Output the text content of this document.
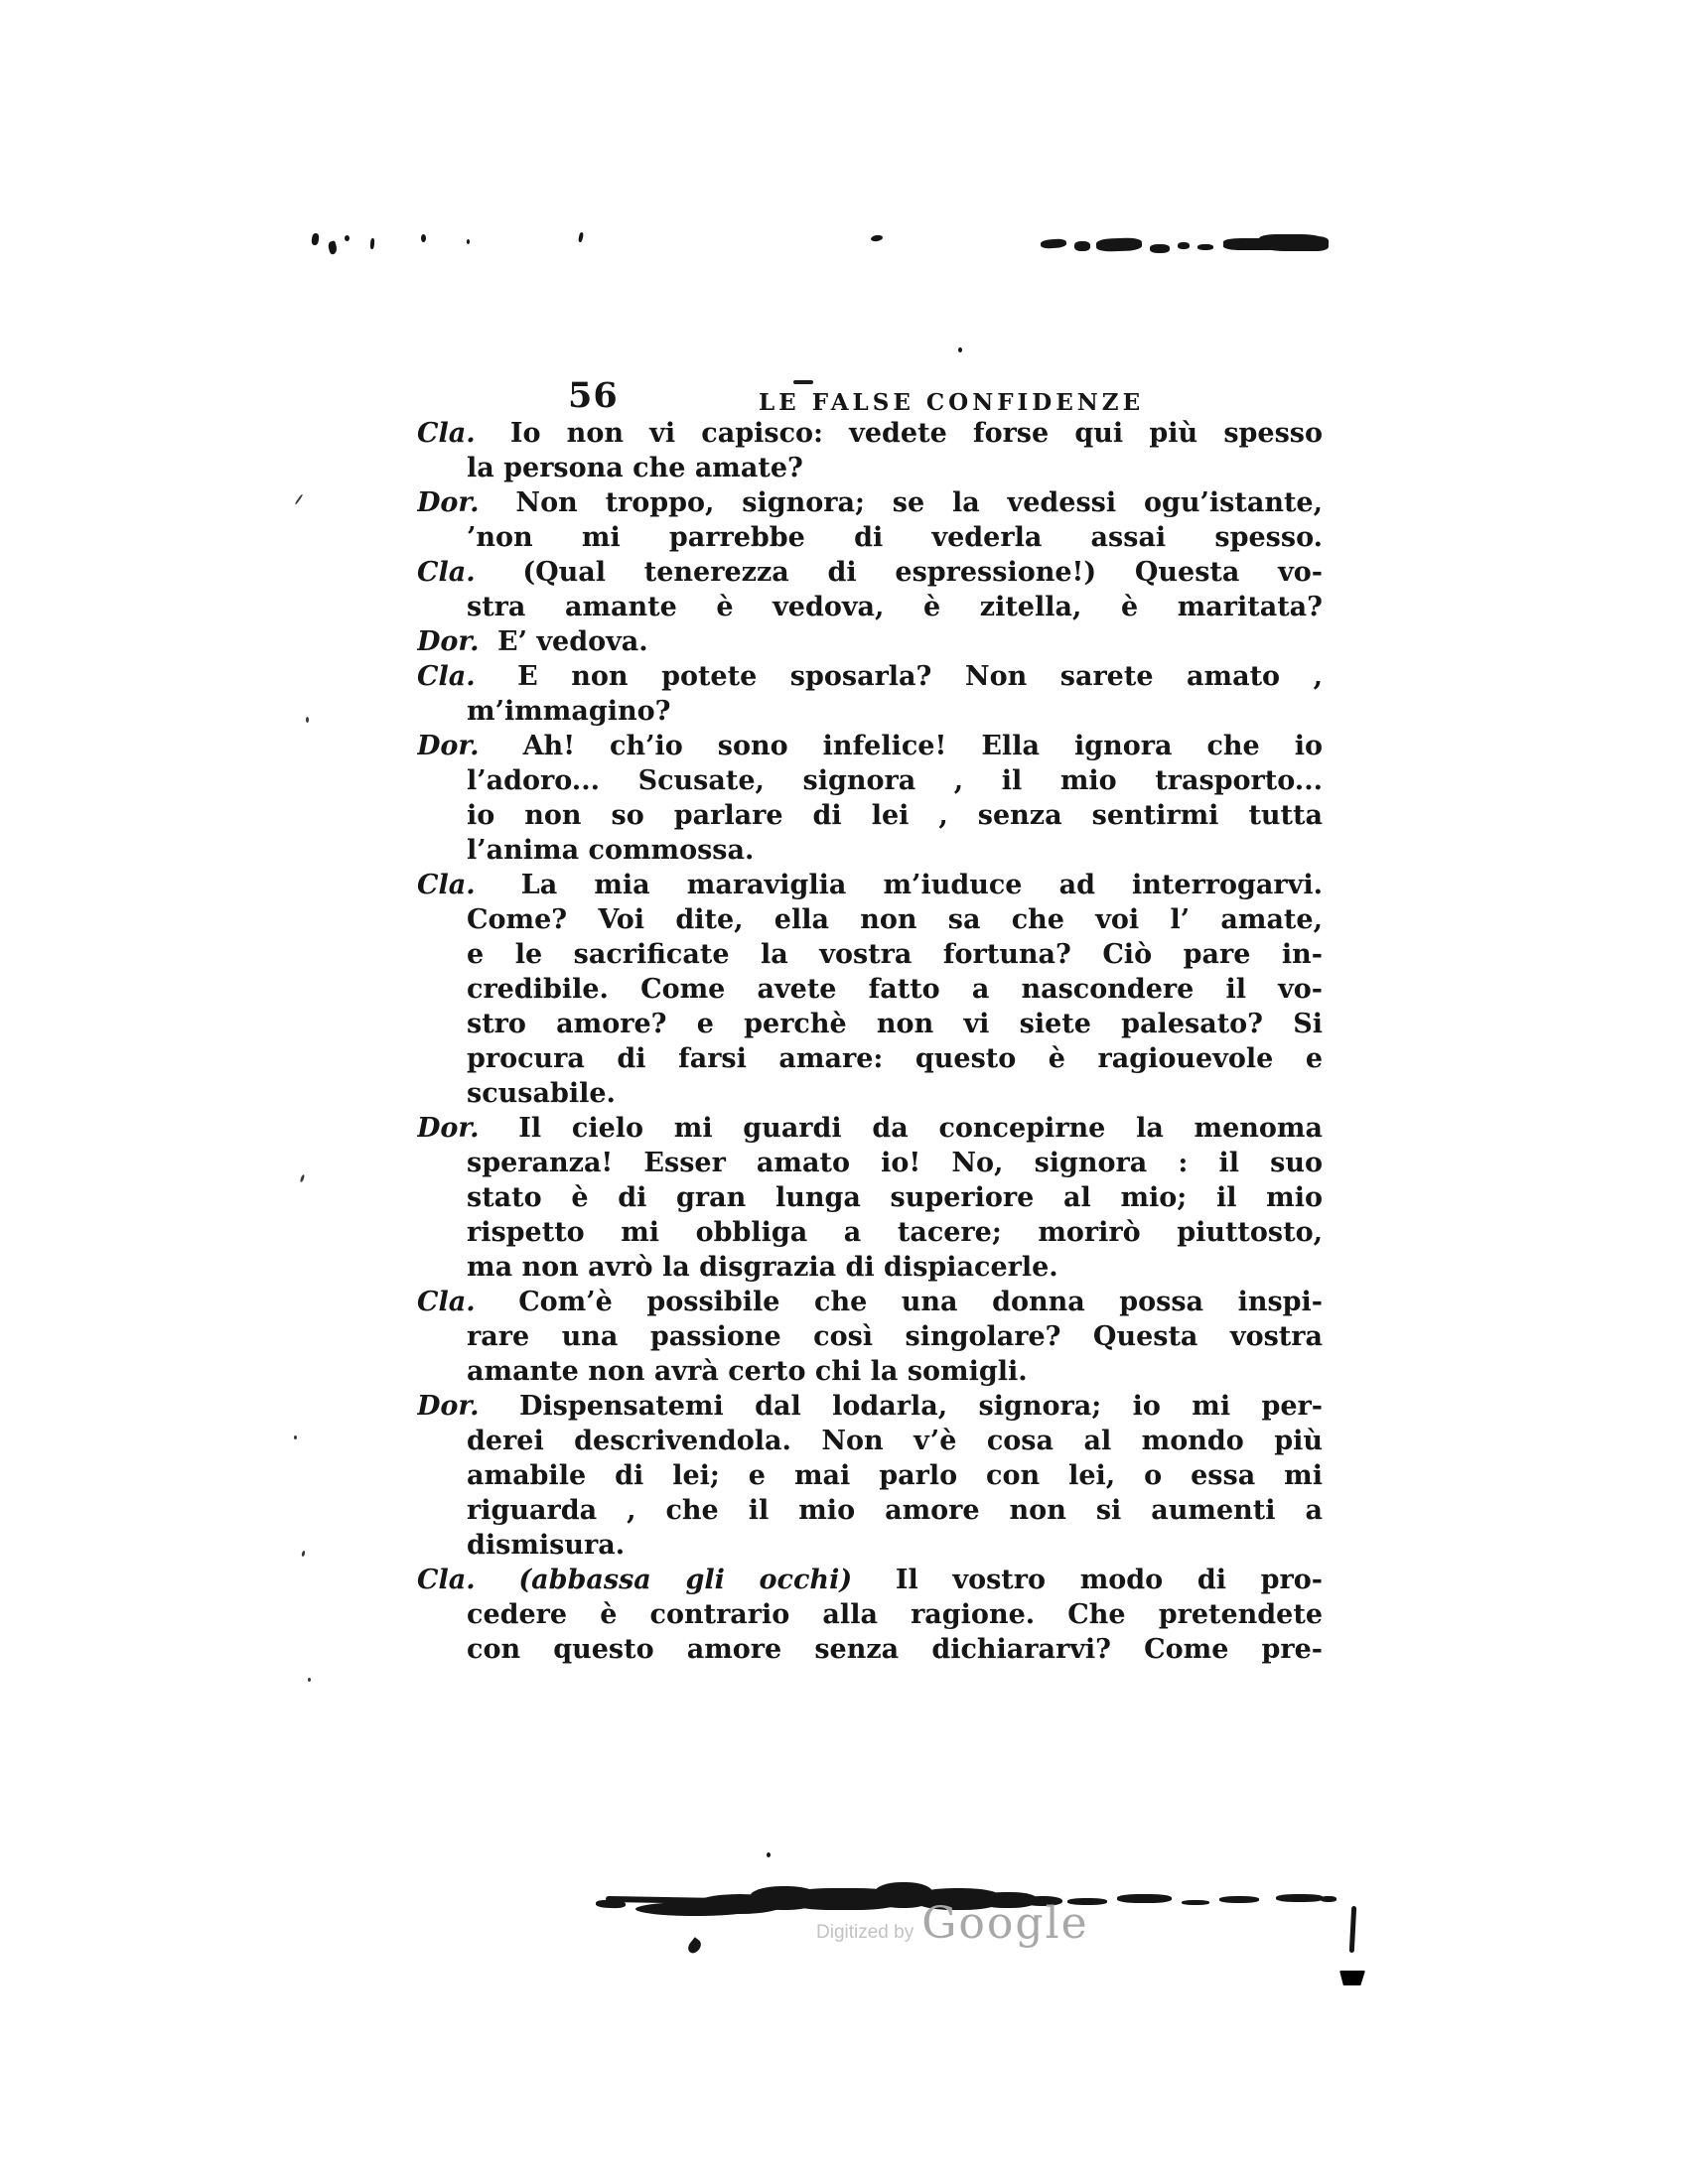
56	LE FALSE CONFIDENZE
Cla. Io non vi capisco: vedete forse qui più spesso
la persona che amate?
Dor. Non troppo, signora; se la vedessi ogu’istante,
’non mi parrebbe di vederla assai spesso.
Cla. (Qual tenerezza di espressione!) Questa vo-
stra amante è vedova, è zitella, è maritata?
Dor. E’ vedova.
Cla. E non potete sposarla? Non sarete amato ,
m’immagino?
Dor. Ah! ch’io sono infelice! Ella ignora che io
l’adoro... Scusate, signora , il mio trasporto...
io non so parlare di lei , senza sentirmi tutta
l’anima commossa.
Cla. La mia maraviglia m’iuduce ad interrogarvi.
Come? Voi dite, ella non sa che voi l’ amate,
e le sacrificate la vostra fortuna? Ciò pare in-
credibile. Come avete fatto a nascondere il vo-
stro amore? e perchè non vi siete palesato? Si
procura di farsi amare: questo è ragiouevole e
scusabile.
Dor. Il cielo mi guardi da concepirne la menoma
speranza! Esser amato io! No, signora : il suo
stato è di gran lunga superiore al mio; il mio
rispetto mi obbliga a tacere; morirò piuttosto,
ma non avrò la disgrazia di dispiacerle.
Cla. Com’è possibile che una donna possa inspi-
rare una passione così singolare? Questa vostra
amante non avrà certo chi la somigli.
Dor. Dispensatemi dal lodarla, signora; io mi per-
derei descrivendola. Non v’è cosa al mondo più
amabile di lei; e mai parlo con lei, o essa mi
riguarda , che il mio amore non si aumenti a
dismisura.
Cla. (abbassa gli occhi) Il vostro modo di pro-
cedere è contrario alla ragione. Che pretendete
con questo amore senza dichiararvi? Come pre-
Digitized by Google
